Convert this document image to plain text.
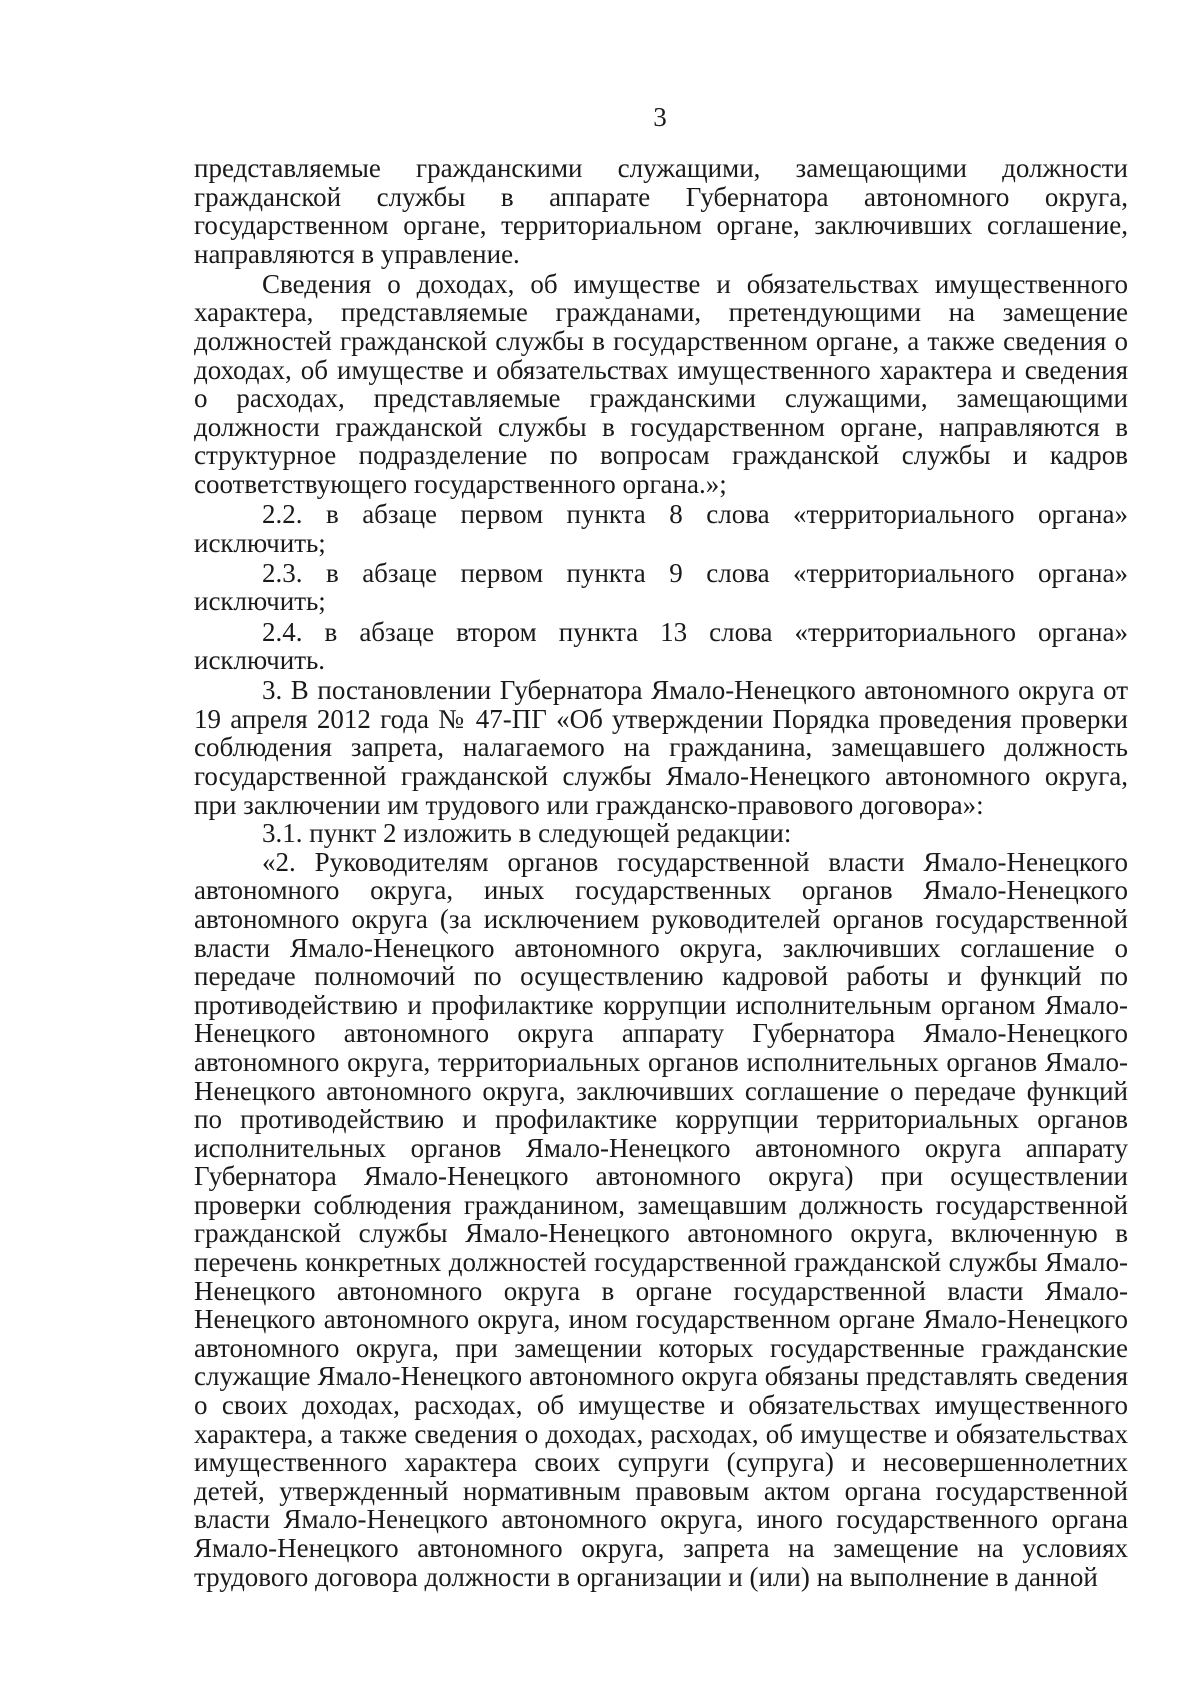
3

представляемые гражданскими служащими, замещающими должности гражданской службы в аппарате Губернатора автономного округа, государственном органе, территориальном органе, заключивших соглашение, направляются в управление.

Сведения о доходах, об имуществе и обязательствах имущественного характера, представляемые гражданами, претендующими на замещение должностей гражданской службы в государственном органе, а также сведения о доходах, об имуществе и обязательствах имущественного характера и сведения о расходах, представляемые гражданскими служащими, замещающими должности гражданской службы в государственном органе, направляются в структурное подразделение по вопросам гражданской службы и кадров соответствующего государственного органа.»;

2.2. в абзаце первом пункта 8 слова «территориального органа» исключить;

2.3. в абзаце первом пункта 9 слова «территориального органа» исключить;

2.4. в абзаце втором пункта 13 слова «территориального органа» исключить.

3. В постановлении Губернатора Ямало-Ненецкого автономного округа от 19 апреля 2012 года № 47-ПГ «Об утверждении Порядка проведения проверки соблюдения запрета, налагаемого на гражданина, замещавшего должность государственной гражданской службы Ямало-Ненецкого автономного округа, при заключении им трудового или гражданско-правового договора»:

3.1. пункт 2 изложить в следующей редакции:

«2. Руководителям органов государственной власти Ямало-Ненецкого автономного округа, иных государственных органов Ямало-Ненецкого автономного округа (за исключением руководителей органов государственной власти Ямало-Ненецкого автономного округа, заключивших соглашение о передаче полномочий по осуществлению кадровой работы и функций по противодействию и профилактике коррупции исполнительным органом Ямало-Ненецкого автономного округа аппарату Губернатора Ямало-Ненецкого автономного округа, территориальных органов исполнительных органов Ямало-Ненецкого автономного округа, заключивших соглашение о передаче функций по противодействию и профилактике коррупции территориальных органов исполнительных органов Ямало-Ненецкого автономного округа аппарату Губернатора Ямало-Ненецкого автономного округа) при осуществлении проверки соблюдения гражданином, замещавшим должность государственной гражданской службы Ямало-Ненецкого автономного округа, включенную в перечень конкретных должностей государственной гражданской службы Ямало-Ненецкого автономного округа в органе государственной власти Ямало-Ненецкого автономного округа, ином государственном органе Ямало-Ненецкого автономного округа, при замещении которых государственные гражданские служащие Ямало-Ненецкого автономного округа обязаны представлять сведения о своих доходах, расходах, об имуществе и обязательствах имущественного характера, а также сведения о доходах, расходах, об имуществе и обязательствах имущественного характера своих супруги (супруга) и несовершеннолетних детей, утвержденный нормативным правовым актом органа государственной власти Ямало-Ненецкого автономного округа, иного государственного органа Ямало-Ненецкого автономного округа, запрета на замещение на условиях трудового договора должности в организации и (или) на выполнение в данной
